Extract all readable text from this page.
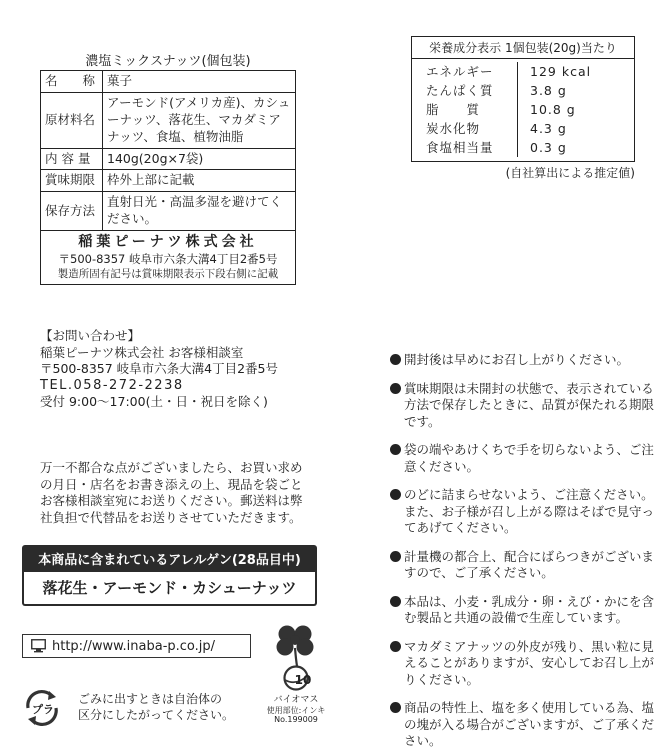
濃塩ミックスナッツ(個包装)
名　　称	菓子
原材料名	アーモンド(アメリカ産)、カシューナッツ、落花生、マカダミアナッツ、食塩、植物油脂
内 容 量	140g(20g×7袋)
賞味期限	枠外上部に記載
保存方法	直射日光・高温多湿を避けてください。

稲葉ピーナツ株式会社
〒500-8357 岐阜市六条大溝4丁目2番5号
製造所固有記号は賞味期限表示下段右側に記載	
栄養成分表示 1個包装(20g)当たり
エネルギー	129 kcal
たんぱく質	3.8 g
脂　　質	10.8 g
炭水化物	4.3 g
食塩相当量	0.3 g
(自社算出による推定値)
【お問い合わせ】
稲葉ピーナツ株式会社 お客様相談室
〒500-8357 岐阜市六条大溝4丁目2番5号
TEL.058-272-2238
受付 9:00～17:00(土・日・祝日を除く)
万一不都合な点がございましたら、お買い求めの月日・店名をお書き添えの上、現品を袋ごとお客様相談室宛にお送りください。郵送料は弊社負担で代替品をお送りさせていただきます。
本商品に含まれているアレルゲン(28品目中)
落花生・アーモンド・カシューナッツ
http://www.inaba-p.co.jp/
10
バイオマス
使用部位:インキ
No.199009
プラ
ごみに出すときは自治体の
区分にしたがってください。
開封後は早めにお召し上がりください。
賞味期限は未開封の状態で、表示されている方法で保存したときに、品質が保たれる期限です。
袋の端やあけくちで手を切らないよう、ご注意ください。
のどに詰まらせないよう、ご注意ください。また、お子様が召し上がる際はそばで見守ってあげてください。
計量機の都合上、配合にばらつきがございますので、ご了承ください。
本品は、小麦・乳成分・卵・えび・かにを含む製品と共通の設備で生産しています。
マカダミアナッツの外皮が残り、黒い粒に見えることがありますが、安心してお召し上がりください。
商品の特性上、塩を多く使用している為、塩の塊が入る場合がございますが、ご了承ください。
